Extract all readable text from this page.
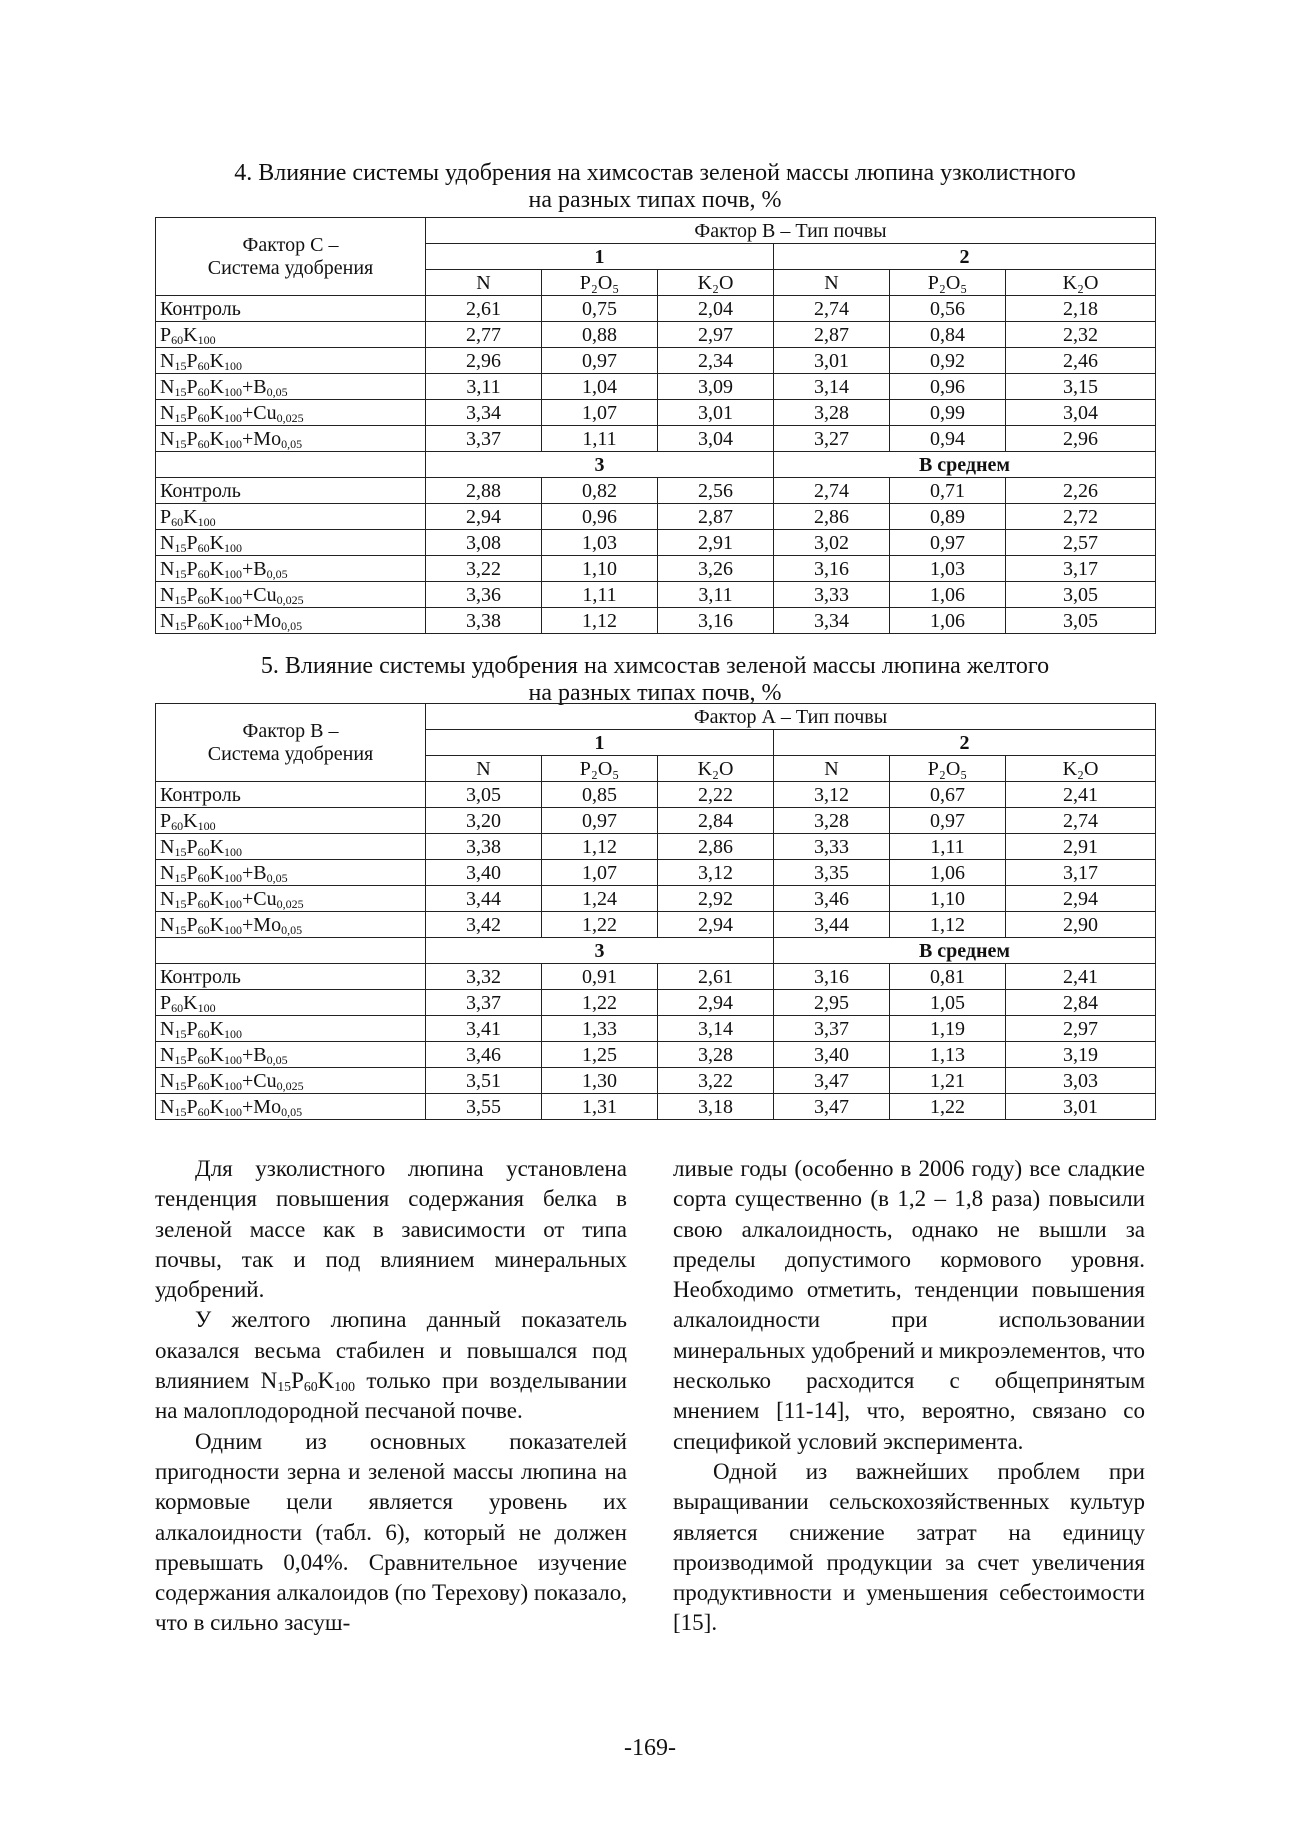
4. Влияние системы удобрения на химсостав зеленой массы люпина узколистного
на разных типах почв, %
Фактор С –
Система удобрения	Фактор В – Тип почвы					
	1			2		
	N	P₂O₅	K₂O	N	P₂O₅	K₂O
Контроль	2,61	0,75	2,04	2,74	0,56	2,18
$P_{60}K_{100}$	2,77	0,88	2,97	2,87	0,84	2,32
$N_{15}P_{60}K_{100}$	2,96	0,97	2,34	3,01	0,92	2,46
$N_{15}P_{60}K_{100}+B_{0,05}$	3,11	1,04	3,09	3,14	0,96	3,15
$N_{15}P_{60}K_{100}+Cu_{0,025}$	3,34	1,07	3,01	3,28	0,99	3,04
$N_{15}P_{60}K_{100}+Mo_{0,05}$	3,37	1,11	3,04	3,27	0,94	2,96
	3			В среднем		
Контроль	2,88	0,82	2,56	2,74	0,71	2,26
$P_{60}K_{100}$	2,94	0,96	2,87	2,86	0,89	2,72
$N_{15}P_{60}K_{100}$	3,08	1,03	2,91	3,02	0,97	2,57
$N_{15}P_{60}K_{100}+B_{0,05}$	3,22	1,10	3,26	3,16	1,03	3,17
$N_{15}P_{60}K_{100}+Cu_{0,025}$	3,36	1,11	3,11	3,33	1,06	3,05
$N_{15}P_{60}K_{100}+Mo_{0,05}$	3,38	1,12	3,16	3,34	1,06	3,05
5. Влияние системы удобрения на химсостав зеленой массы люпина желтого
на разных типах почв, %
Фактор В –
Система удобрения	Фактор А – Тип почвы					
	1			2		
	N	P₂O₅	K₂O	N	P₂O₅	K₂O
Контроль	3,05	0,85	2,22	3,12	0,67	2,41
$P_{60}K_{100}$	3,20	0,97	2,84	3,28	0,97	2,74
$N_{15}P_{60}K_{100}$	3,38	1,12	2,86	3,33	1,11	2,91
$N_{15}P_{60}K_{100}+B_{0,05}$	3,40	1,07	3,12	3,35	1,06	3,17
$N_{15}P_{60}K_{100}+Cu_{0,025}$	3,44	1,24	2,92	3,46	1,10	2,94
$N_{15}P_{60}K_{100}+Mo_{0,05}$	3,42	1,22	2,94	3,44	1,12	2,90
	3			В среднем		
Контроль	3,32	0,91	2,61	3,16	0,81	2,41
$P_{60}K_{100}$	3,37	1,22	2,94	2,95	1,05	2,84
$N_{15}P_{60}K_{100}$	3,41	1,33	3,14	3,37	1,19	2,97
$N_{15}P_{60}K_{100}+B_{0,05}$	3,46	1,25	3,28	3,40	1,13	3,19
$N_{15}P_{60}K_{100}+Cu_{0,025}$	3,51	1,30	3,22	3,47	1,21	3,03
$N_{15}P_{60}K_{100}+Mo_{0,05}$	3,55	1,31	3,18	3,47	1,22	3,01

Для узколистного люпина установлена тенденция повышения содержания белка в зеленой массе как в зависимости от типа почвы, так и под влиянием минеральных удобрений.

У желтого люпина данный показатель оказался весьма стабилен и повышался под влиянием $N_{15}P_{60}K_{100}$ только при возделывании на малоплодородной песчаной почве.

Одним из основных показателей пригодности зерна и зеленой массы люпина на кормовые цели является уровень их алкалоидности (табл. 6), который не должен превышать 0,04%. Сравнительное изучение содержания алкалоидов (по Терехову) показало, что в сильно засуш-

ливые годы (особенно в 2006 году) все сладкие сорта существенно (в 1,2 – 1,8 раза) повысили свою алкалоидность, однако не вышли за пределы допустимого кормового уровня. Необходимо отметить, тенденции повышения алкалоидности при использовании минеральных удобрений и микроэлементов, что несколько расходится с общепринятым мнением [11-14], что, вероятно, связано со спецификой условий эксперимента.

Одной из важнейших проблем при выращивании сельскохозяйственных культур является снижение затрат на единицу производимой продукции за счет увеличения продуктивности и уменьшения себестоимости [15].

-169-
